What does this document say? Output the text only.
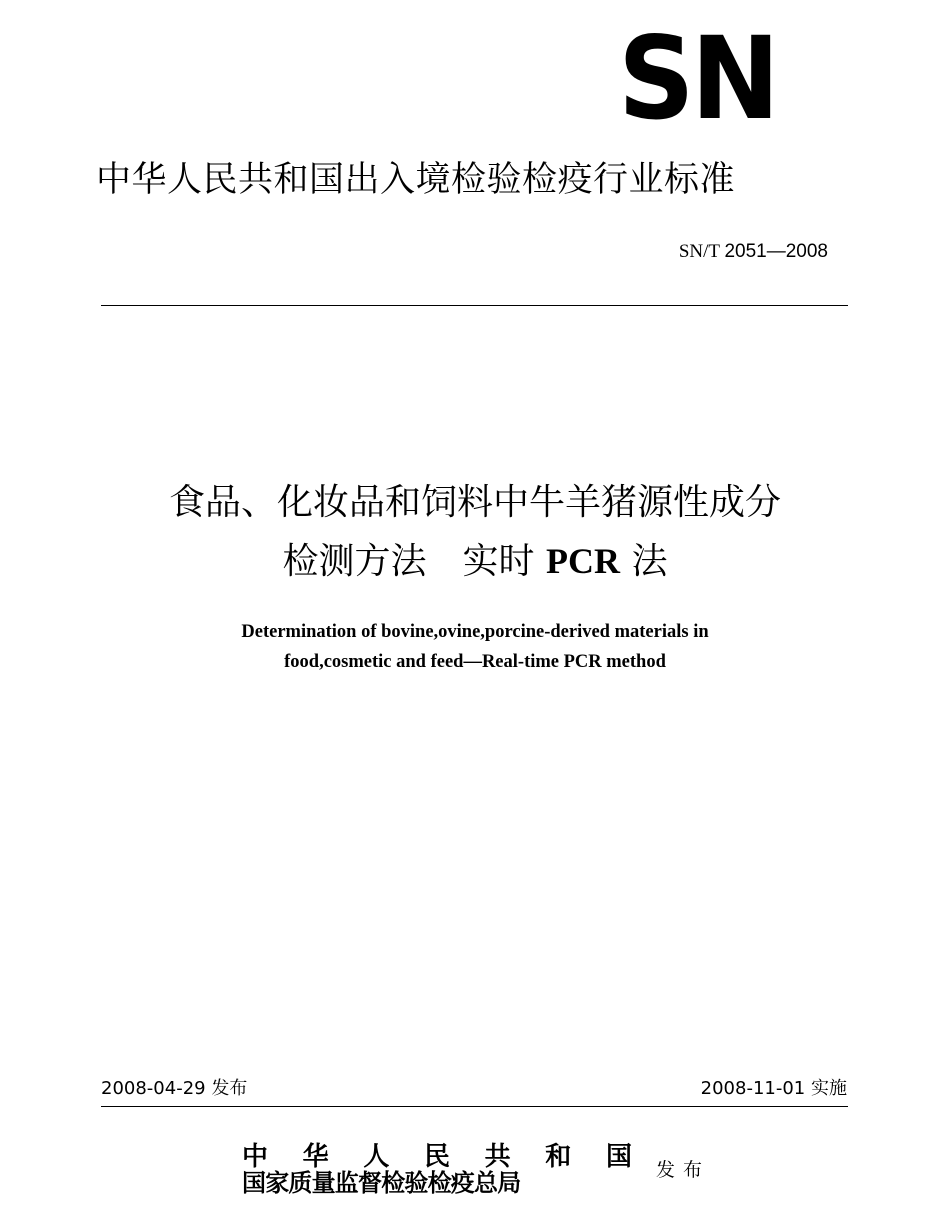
SN
中华人民共和国出入境检验检疫行业标准
SN/T 2051—2008
食品、化妆品和饲料中牛羊猪源性成分
检测方法　实时 PCR 法
Determination of bovine,ovine,porcine-derived materials in
food,cosmetic and feed—Real-time PCR method
2008-04-29 发布	2008-11-01 实施
中 华 人 民 共 和 国
国家质量监督检验检疫总局	发布
